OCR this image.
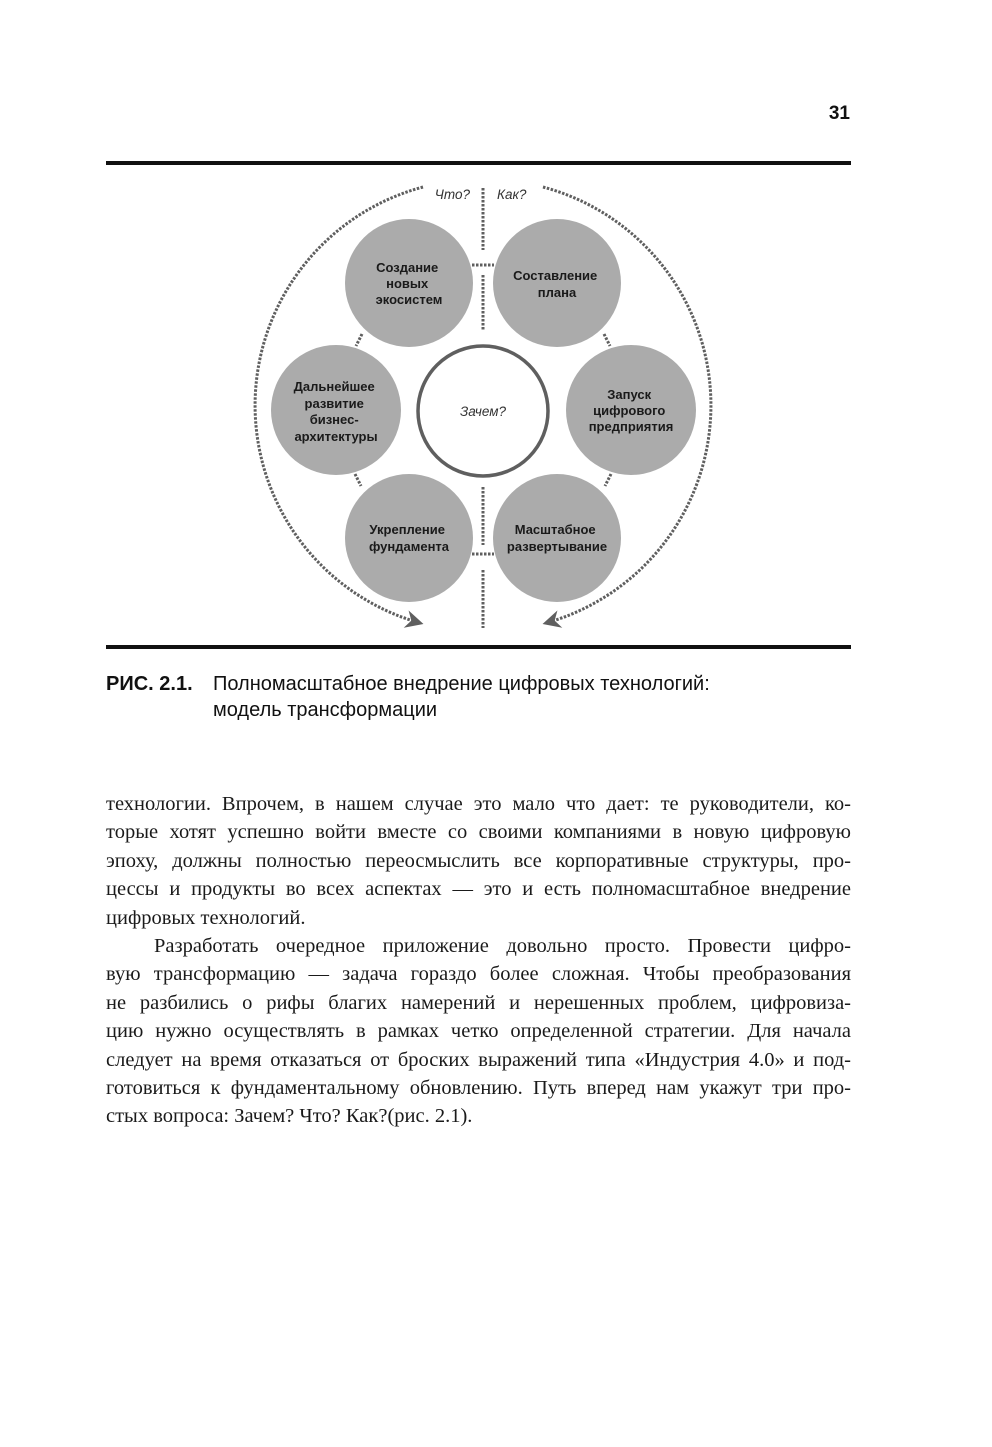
31
Что? Как?
Зачем?
Создание новых экосистем
Составление плана
Дальнейшее развитие бизнес- архитектуры
Запуск цифрового предприятия
Укрепление фундамента
Масштабное развертывание
РИС. 2.1. Полномасштабное внедрение цифровых технологий:
модель трансформации

технологии. Впрочем, в нашем случае это мало что дает: те руководители, ко-
торые хотят успешно войти вместе со своими компаниями в новую цифровую
эпоху, должны полностью переосмыслить все корпоративные структуры, про-
цессы и продукты во всех аспектах — это и есть полномасштабное внедрение
цифровых технологий.

Разработать очередное приложение довольно просто. Провести цифро-
вую трансформацию — задача гораздо более сложная. Чтобы преобразования
не разбились о рифы благих намерений и нерешенных проблем, цифровиза-
цию нужно осуществлять в рамках четко определенной стратегии. Для начала
следует на время отказаться от броских выражений типа «Индустрия 4.0» и под-
готовиться к фундаментальному обновлению. Путь вперед нам укажут три про-
стых вопроса: Зачем? Что? Как?(рис. 2.1).
